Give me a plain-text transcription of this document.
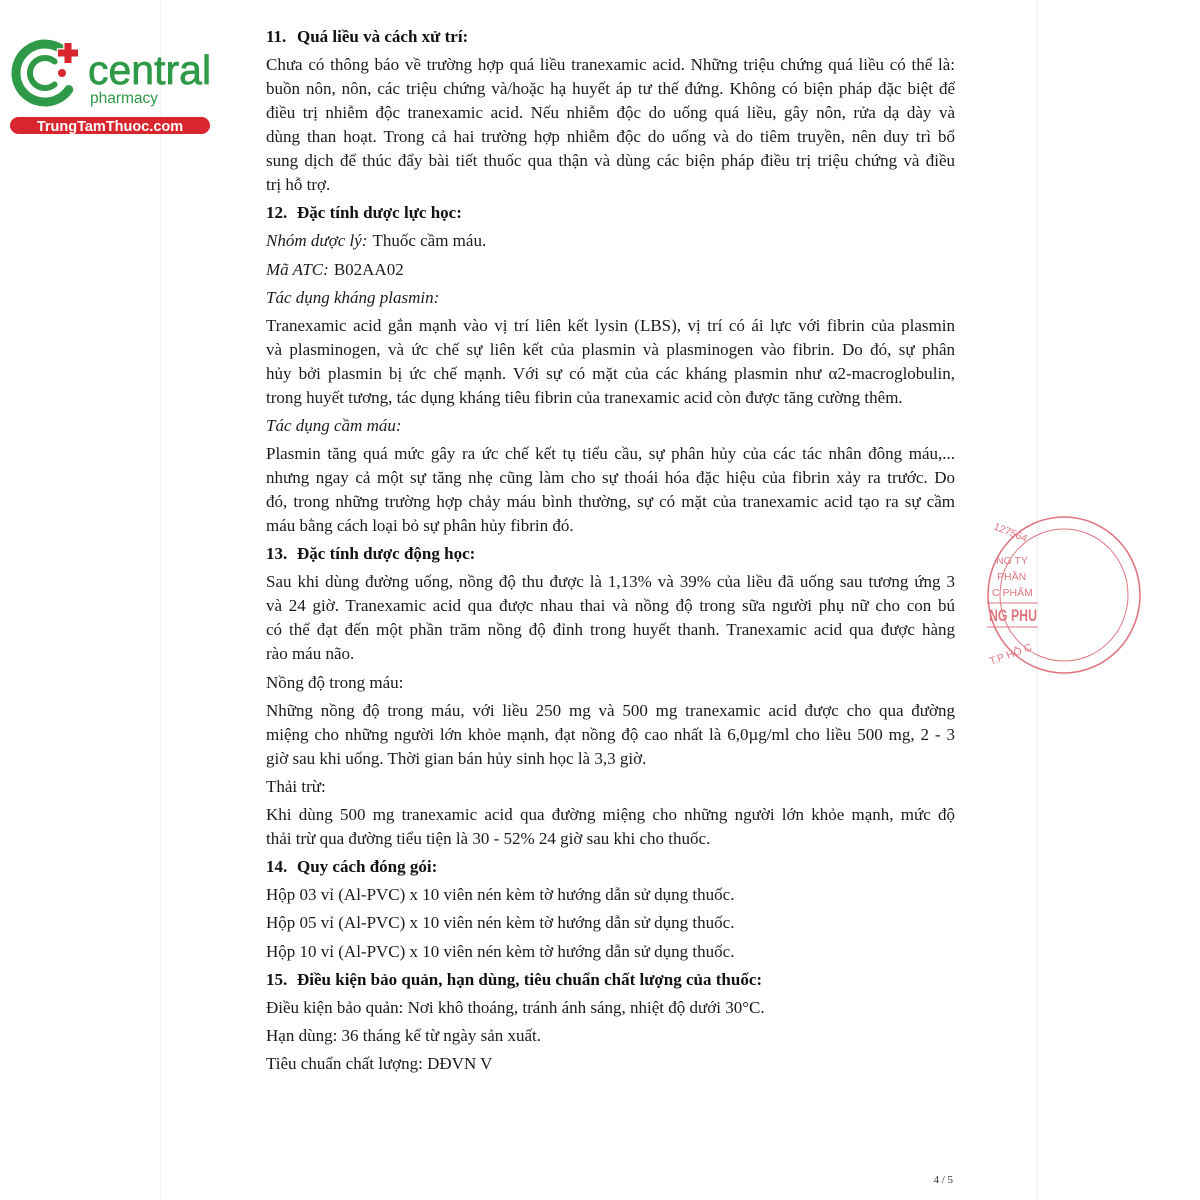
central
pharmacy
TrungTamThuoc.com
11. Quá liều và cách xử trí:
Chưa có thông báo về trường hợp quá liều tranexamic acid. Những triệu chứng quá liều có thể là:
buồn nôn, nôn, các triệu chứng và/hoặc hạ huyết áp tư thế đứng. Không có biện pháp đặc biệt để
điều trị nhiễm độc tranexamic acid. Nếu nhiễm độc do uống quá liều, gây nôn, rửa dạ dày và
dùng than hoạt. Trong cả hai trường hợp nhiễm độc do uống và do tiêm truyền, nên duy trì bổ
sung dịch để thúc đẩy bài tiết thuốc qua thận và dùng các biện pháp điều trị triệu chứng và điều
trị hỗ trợ.
12. Đặc tính dược lực học:
Nhóm dược lý: Thuốc cầm máu.
Mã ATC: B02AA02
Tác dụng kháng plasmin:
Tranexamic acid gắn mạnh vào vị trí liên kết lysin (LBS), vị trí có ái lực với fibrin của plasmin
và plasminogen, và ức chế sự liên kết của plasmin và plasminogen vào fibrin. Do đó, sự phân
hủy bởi plasmin bị ức chế mạnh. Với sự có mặt của các kháng plasmin như α2-macroglobulin,
trong huyết tương, tác dụng kháng tiêu fibrin của tranexamic acid còn được tăng cường thêm.
Tác dụng cầm máu:
Plasmin tăng quá mức gây ra ức chế kết tụ tiểu cầu, sự phân hủy của các tác nhân đông máu,...
nhưng ngay cả một sự tăng nhẹ cũng làm cho sự thoái hóa đặc hiệu của fibrin xảy ra trước. Do
đó, trong những trường hợp chảy máu bình thường, sự có mặt của tranexamic acid tạo ra sự cầm
máu bằng cách loại bỏ sự phân hủy fibrin đó.
13. Đặc tính dược động học:
Sau khi dùng đường uống, nồng độ thu được là 1,13% và 39% của liều đã uống sau tương ứng 3
và 24 giờ. Tranexamic acid qua được nhau thai và nồng độ trong sữa người phụ nữ cho con bú
có thể đạt đến một phần trăm nồng độ đỉnh trong huyết thanh. Tranexamic acid qua được hàng
rào máu não.
Nồng độ trong máu:
Những nồng độ trong máu, với liều 250 mg và 500 mg tranexamic acid được cho qua đường
miệng cho những người lớn khỏe mạnh, đạt nồng độ cao nhất là 6,0µg/ml cho liều 500 mg, 2 - 3
giờ sau khi uống. Thời gian bán hủy sinh học là 3,3 giờ.
Thải trừ:
Khi dùng 500 mg tranexamic acid qua đường miệng cho những người lớn khỏe mạnh, mức độ
thải trừ qua đường tiểu tiện là 30 - 52% 24 giờ sau khi cho thuốc.
14. Quy cách đóng gói:
Hộp 03 vỉ (Al-PVC) x 10 viên nén kèm tờ hướng dẫn sử dụng thuốc.
Hộp 05 vỉ (Al-PVC) x 10 viên nén kèm tờ hướng dẫn sử dụng thuốc.
Hộp 10 vỉ (Al-PVC) x 10 viên nén kèm tờ hướng dẫn sử dụng thuốc.
15. Điều kiện bảo quản, hạn dùng, tiêu chuẩn chất lượng của thuốc:
Điều kiện bảo quản: Nơi khô thoáng, tránh ánh sáng, nhiệt độ dưới 30°C.
Hạn dùng: 36 tháng kể từ ngày sản xuất.
Tiêu chuẩn chất lượng: DĐVN V
127564
NG TY
PHẦN
C PHẨM
NG PHU
T.P HỒ C
4 / 5
